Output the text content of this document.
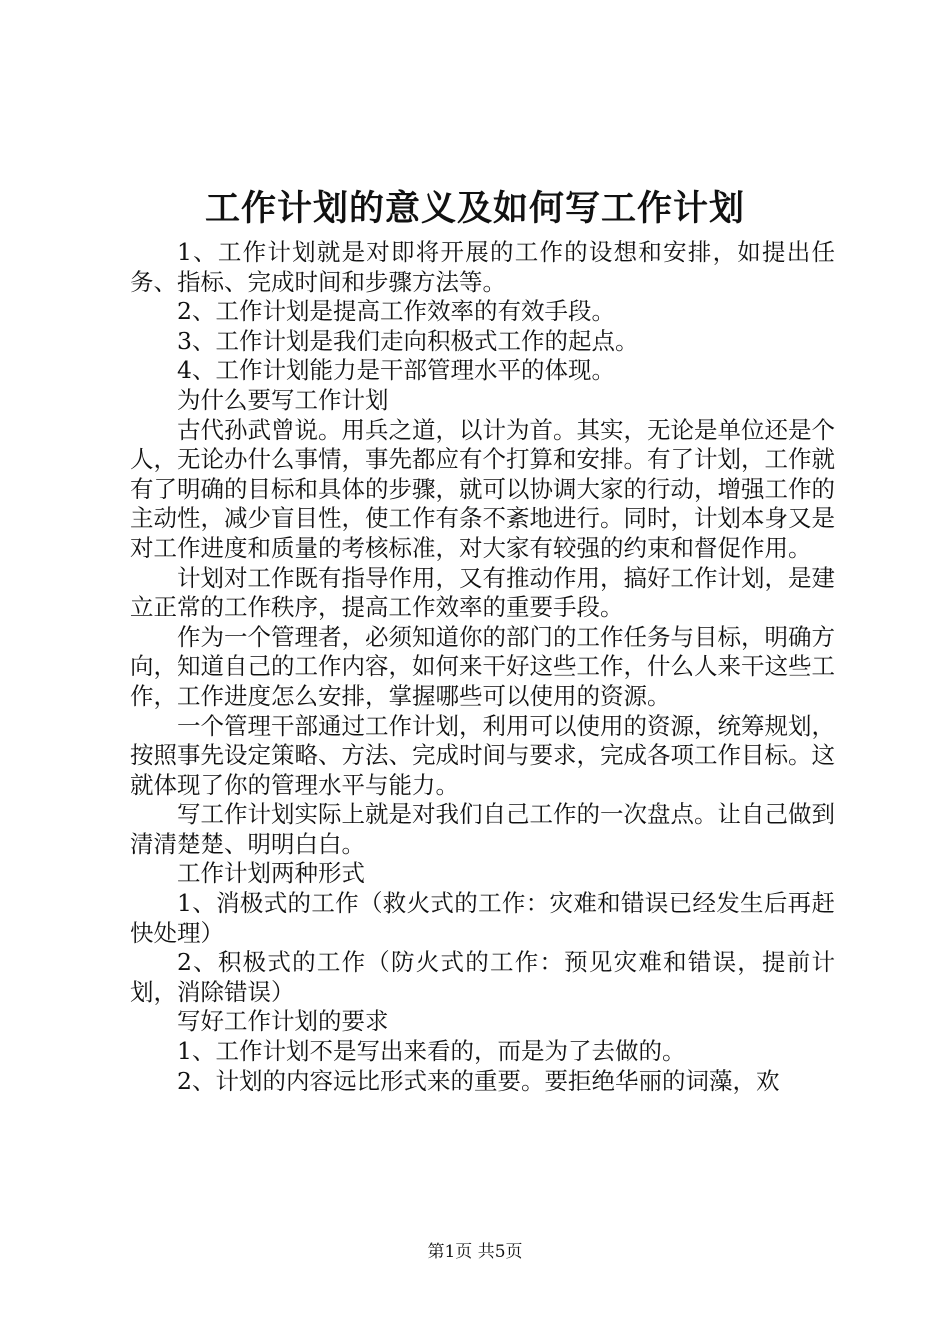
工作计划的意义及如何写工作计划

1、工作计划就是对即将开展的工作的设想和安排，如提出任务、指标、完成时间和步骤方法等。

2、工作计划是提高工作效率的有效手段。

3、工作计划是我们走向积极式工作的起点。

4、工作计划能力是干部管理水平的体现。

为什么要写工作计划

古代孙武曾说。用兵之道，以计为首。其实，无论是单位还是个人，无论办什么事情，事先都应有个打算和安排。有了计划，工作就有了明确的目标和具体的步骤，就可以协调大家的行动，增强工作的主动性，减少盲目性，使工作有条不紊地进行。同时，计划本身又是对工作进度和质量的考核标准，对大家有较强的约束和督促作用。

计划对工作既有指导作用，又有推动作用，搞好工作计划，是建立正常的工作秩序，提高工作效率的重要手段。

作为一个管理者，必须知道你的部门的工作任务与目标，明确方向，知道自己的工作内容，如何来干好这些工作，什么人来干这些工作，工作进度怎么安排，掌握哪些可以使用的资源。

一个管理干部通过工作计划，利用可以使用的资源，统筹规划，按照事先设定策略、方法、完成时间与要求，完成各项工作目标。这就体现了你的管理水平与能力。

写工作计划实际上就是对我们自己工作的一次盘点。让自己做到清清楚楚、明明白白。

工作计划两种形式

1、消极式的工作（救火式的工作：灾难和错误已经发生后再赶快处理）

2、积极式的工作（防火式的工作：预见灾难和错误，提前计划，消除错误）

写好工作计划的要求

1、工作计划不是写出来看的，而是为了去做的。

2、计划的内容远比形式来的重要。要拒绝华丽的词藻，欢

第1页 共5页
